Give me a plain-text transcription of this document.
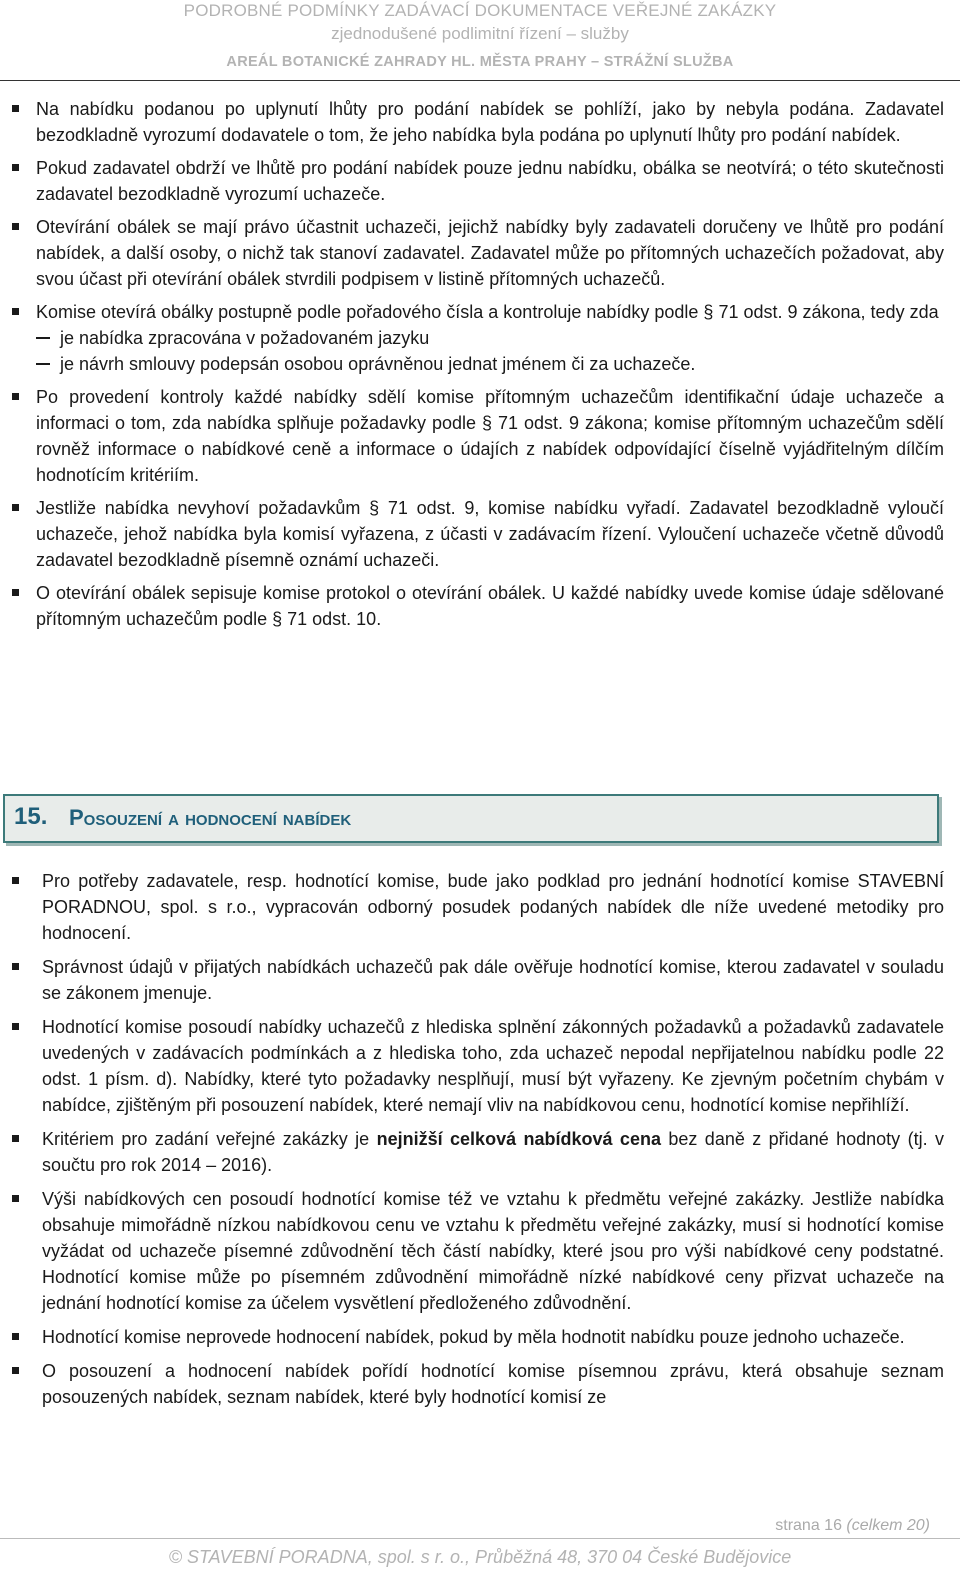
PODROBNÉ PODMÍNKY ZADÁVACÍ DOKUMENTACE VEŘEJNÉ ZAKÁZKY
zjednodušené podlimitní řízení – služby
AREÁL BOTANICKÉ ZAHRADY HL. MĚSTA PRAHY – STRÁŽNÍ SLUŽBA
Na nabídku podanou po uplynutí lhůty pro podání nabídek se pohlíží, jako by nebyla podána. Zadavatel bezodkladně vyrozumí dodavatele o tom, že jeho nabídka byla podána po uplynutí lhůty pro podání nabídek.
Pokud zadavatel obdrží ve lhůtě pro podání nabídek pouze jednu nabídku, obálka se neotvírá; o této skutečnosti zadavatel bezodkladně vyrozumí uchazeče.
Otevírání obálek se mají právo účastnit uchazeči, jejichž nabídky byly zadavateli doručeny ve lhůtě pro podání nabídek, a další osoby, o nichž tak stanoví zadavatel. Zadavatel může po přítomných uchazečích požadovat, aby svou účast při otevírání obálek stvrdili podpisem v listině přítomných uchazečů.
Komise otevírá obálky postupně podle pořadového čísla a kontroluje nabídky podle § 71 odst. 9 zákona, tedy zda
je nabídka zpracována v požadovaném jazyku
je návrh smlouvy podepsán osobou oprávněnou jednat jménem či za uchazeče.
Po provedení kontroly každé nabídky sdělí komise přítomným uchazečům identifikační údaje uchazeče a informaci o tom, zda nabídka splňuje požadavky podle § 71 odst. 9 zákona; komise přítomným uchazečům sdělí rovněž informace o nabídkové ceně a informace o údajích z nabídek odpovídající číselně vyjádřitelným dílčím hodnotícím kritériím.
Jestliže nabídka nevyhoví požadavkům § 71 odst. 9, komise nabídku vyřadí. Zadavatel bezodkladně vyloučí uchazeče, jehož nabídka byla komisí vyřazena, z účasti v zadávacím řízení. Vyloučení uchazeče včetně důvodů zadavatel bezodkladně písemně oznámí uchazeči.
O otevírání obálek sepisuje komise protokol o otevírání obálek. U každé nabídky uvede komise údaje sdělované přítomným uchazečům podle § 71 odst. 10.
15. Posouzení a hodnocení nabídek
Pro potřeby zadavatele, resp. hodnotící komise, bude jako podklad pro jednání hodnotící komise STAVEBNÍ PORADNOU, spol. s r.o., vypracován odborný posudek podaných nabídek dle níže uvedené metodiky pro hodnocení.
Správnost údajů v přijatých nabídkách uchazečů pak dále ověřuje hodnotící komise, kterou zadavatel v souladu se zákonem jmenuje.
Hodnotící komise posoudí nabídky uchazečů z hlediska splnění zákonných požadavků a požadavků zadavatele uvedených v zadávacích podmínkách a z hlediska toho, zda uchazeč nepodal nepřijatelnou nabídku podle 22 odst. 1 písm. d). Nabídky, které tyto požadavky nesplňují, musí být vyřazeny. Ke zjevným početním chybám v nabídce, zjištěným při posouzení nabídek, které nemají vliv na nabídkovou cenu, hodnotící komise nepřihlíží.
Kritériem pro zadání veřejné zakázky je nejnižší celková nabídková cena bez daně z přidané hodnoty (tj. v součtu pro rok 2014 – 2016).
Výši nabídkových cen posoudí hodnotící komise též ve vztahu k předmětu veřejné zakázky. Jestliže nabídka obsahuje mimořádně nízkou nabídkovou cenu ve vztahu k předmětu veřejné zakázky, musí si hodnotící komise vyžádat od uchazeče písemné zdůvodnění těch částí nabídky, které jsou pro výši nabídkové ceny podstatné. Hodnotící komise může po písemném zdůvodnění mimořádně nízké nabídkové ceny přizvat uchazeče na jednání hodnotící komise za účelem vysvětlení předloženého zdůvodnění.
Hodnotící komise neprovede hodnocení nabídek, pokud by měla hodnotit nabídku pouze jednoho uchazeče.
O posouzení a hodnocení nabídek pořídí hodnotící komise písemnou zprávu, která obsahuje seznam posouzených nabídek, seznam nabídek, které byly hodnotící komisí ze
strana 16 (celkem 20)
© STAVEBNÍ PORADNA, spol. s r. o., Průběžná 48, 370 04 České Budějovice
